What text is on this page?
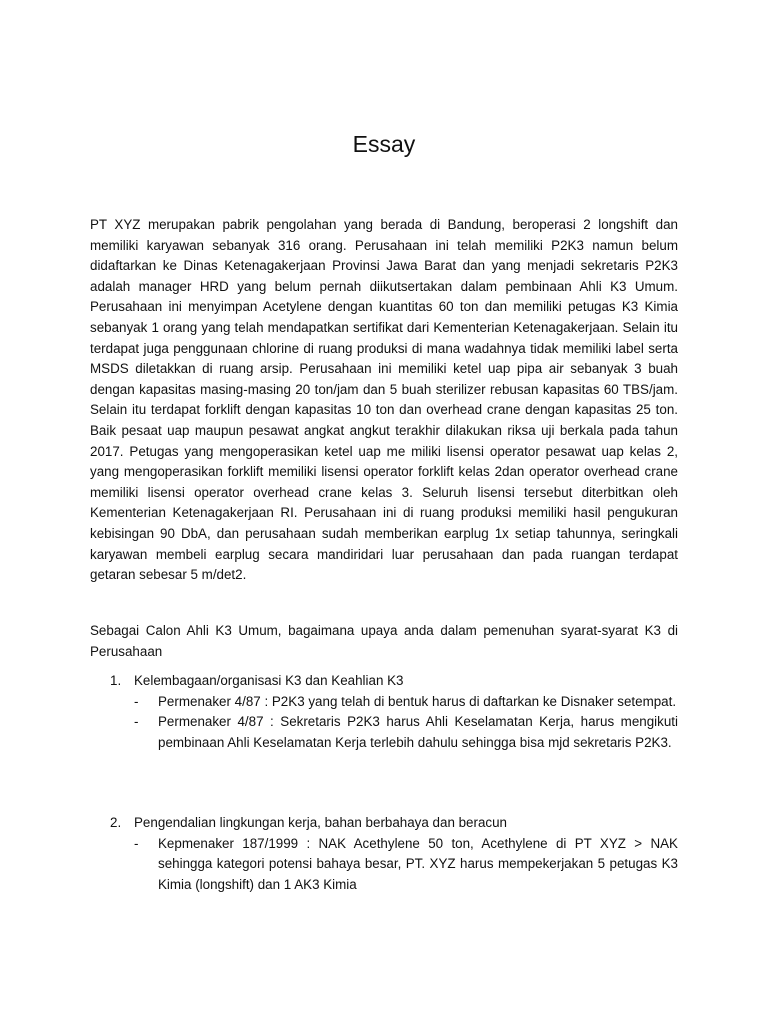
Essay

PT XYZ merupakan pabrik pengolahan yang berada di Bandung, beroperasi 2 longshift dan memiliki karyawan sebanyak 316 orang. Perusahaan ini telah memiliki P2K3 namun belum didaftarkan ke Dinas Ketenagakerjaan Provinsi Jawa Barat dan yang menjadi sekretaris P2K3 adalah manager HRD yang belum pernah diikutsertakan dalam pembinaan Ahli K3 Umum. Perusahaan ini menyimpan Acetylene dengan kuantitas 60 ton dan memiliki petugas K3 Kimia sebanyak 1 orang yang telah mendapatkan sertifikat dari Kementerian Ketenagakerjaan. Selain itu terdapat juga penggunaan chlorine di ruang produksi di mana wadahnya tidak memiliki label serta MSDS diletakkan di ruang arsip. Perusahaan ini memiliki ketel uap pipa air sebanyak 3 buah dengan kapasitas masing-masing 20 ton/jam dan 5 buah sterilizer rebusan kapasitas 60 TBS/jam. Selain itu terdapat forklift dengan kapasitas 10 ton dan overhead crane dengan kapasitas 25 ton. Baik pesaat uap maupun pesawat angkat angkut terakhir dilakukan riksa uji berkala pada tahun 2017. Petugas yang mengoperasikan ketel uap me miliki lisensi operator pesawat uap kelas 2, yang mengoperasikan forklift memiliki lisensi operator forklift kelas 2dan operator overhead crane memiliki lisensi operator overhead crane kelas 3. Seluruh lisensi tersebut diterbitkan oleh Kementerian Ketenagakerjaan RI. Perusahaan ini di ruang produksi memiliki hasil pengukuran kebisingan 90 DbA, dan perusahaan sudah memberikan earplug 1x setiap tahunnya, seringkali karyawan membeli earplug secara mandiridari luar perusahaan dan pada ruangan terdapat getaran sebesar 5 m/det2.

Sebagai Calon Ahli K3 Umum, bagaimana upaya anda dalam pemenuhan syarat-syarat K3 di Perusahaan

1. Kelembagaan/organisasi K3 dan Keahlian K3
- Permenaker 4/87 : P2K3 yang telah di bentuk harus di daftarkan ke Disnaker setempat.
- Permenaker 4/87 : Sekretaris P2K3 harus Ahli Keselamatan Kerja, harus mengikuti pembinaan Ahli Keselamatan Kerja terlebih dahulu sehingga bisa mjd sekretaris P2K3.
2. Pengendalian lingkungan kerja, bahan berbahaya dan beracun
- Kepmenaker 187/1999 : NAK Acethylene 50 ton, Acethylene di PT XYZ > NAK sehingga kategori potensi bahaya besar, PT. XYZ harus mempekerjakan 5 petugas K3 Kimia (longshift) dan 1 AK3 Kimia
